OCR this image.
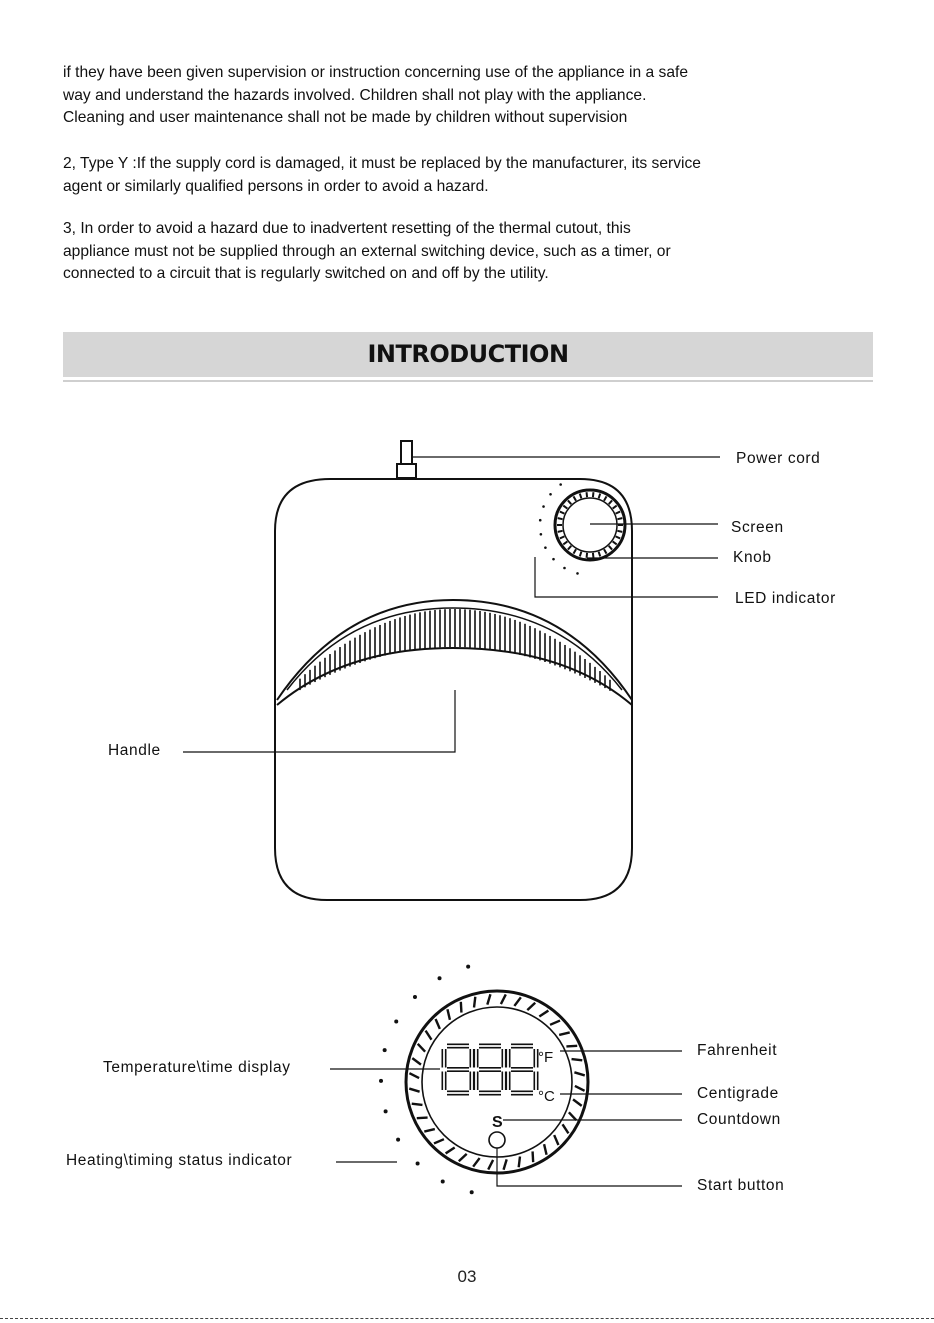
if they have been given supervision or instruction concerning use of the appliance in a safe
way and understand the hazards involved. Children shall not play with the appliance.
Cleaning and user maintenance shall not be made by children without supervision
2, Type Y :If the supply cord is damaged, it must be replaced by the manufacturer, its service
agent or similarly qualified persons in order to avoid a hazard.
3, In order to avoid a hazard due to inadvertent resetting of the thermal cutout, this
appliance must not be supplied through an external switching device, such as a timer, or
connected to a circuit that is regularly switched on and off by the utility.
INTRODUCTION
°F
°C
S
Power cord
Screen
Knob
LED indicator
Handle
Temperature\time display
Heating\timing status indicator
Fahrenheit
Centigrade
Countdown
Start button
03
